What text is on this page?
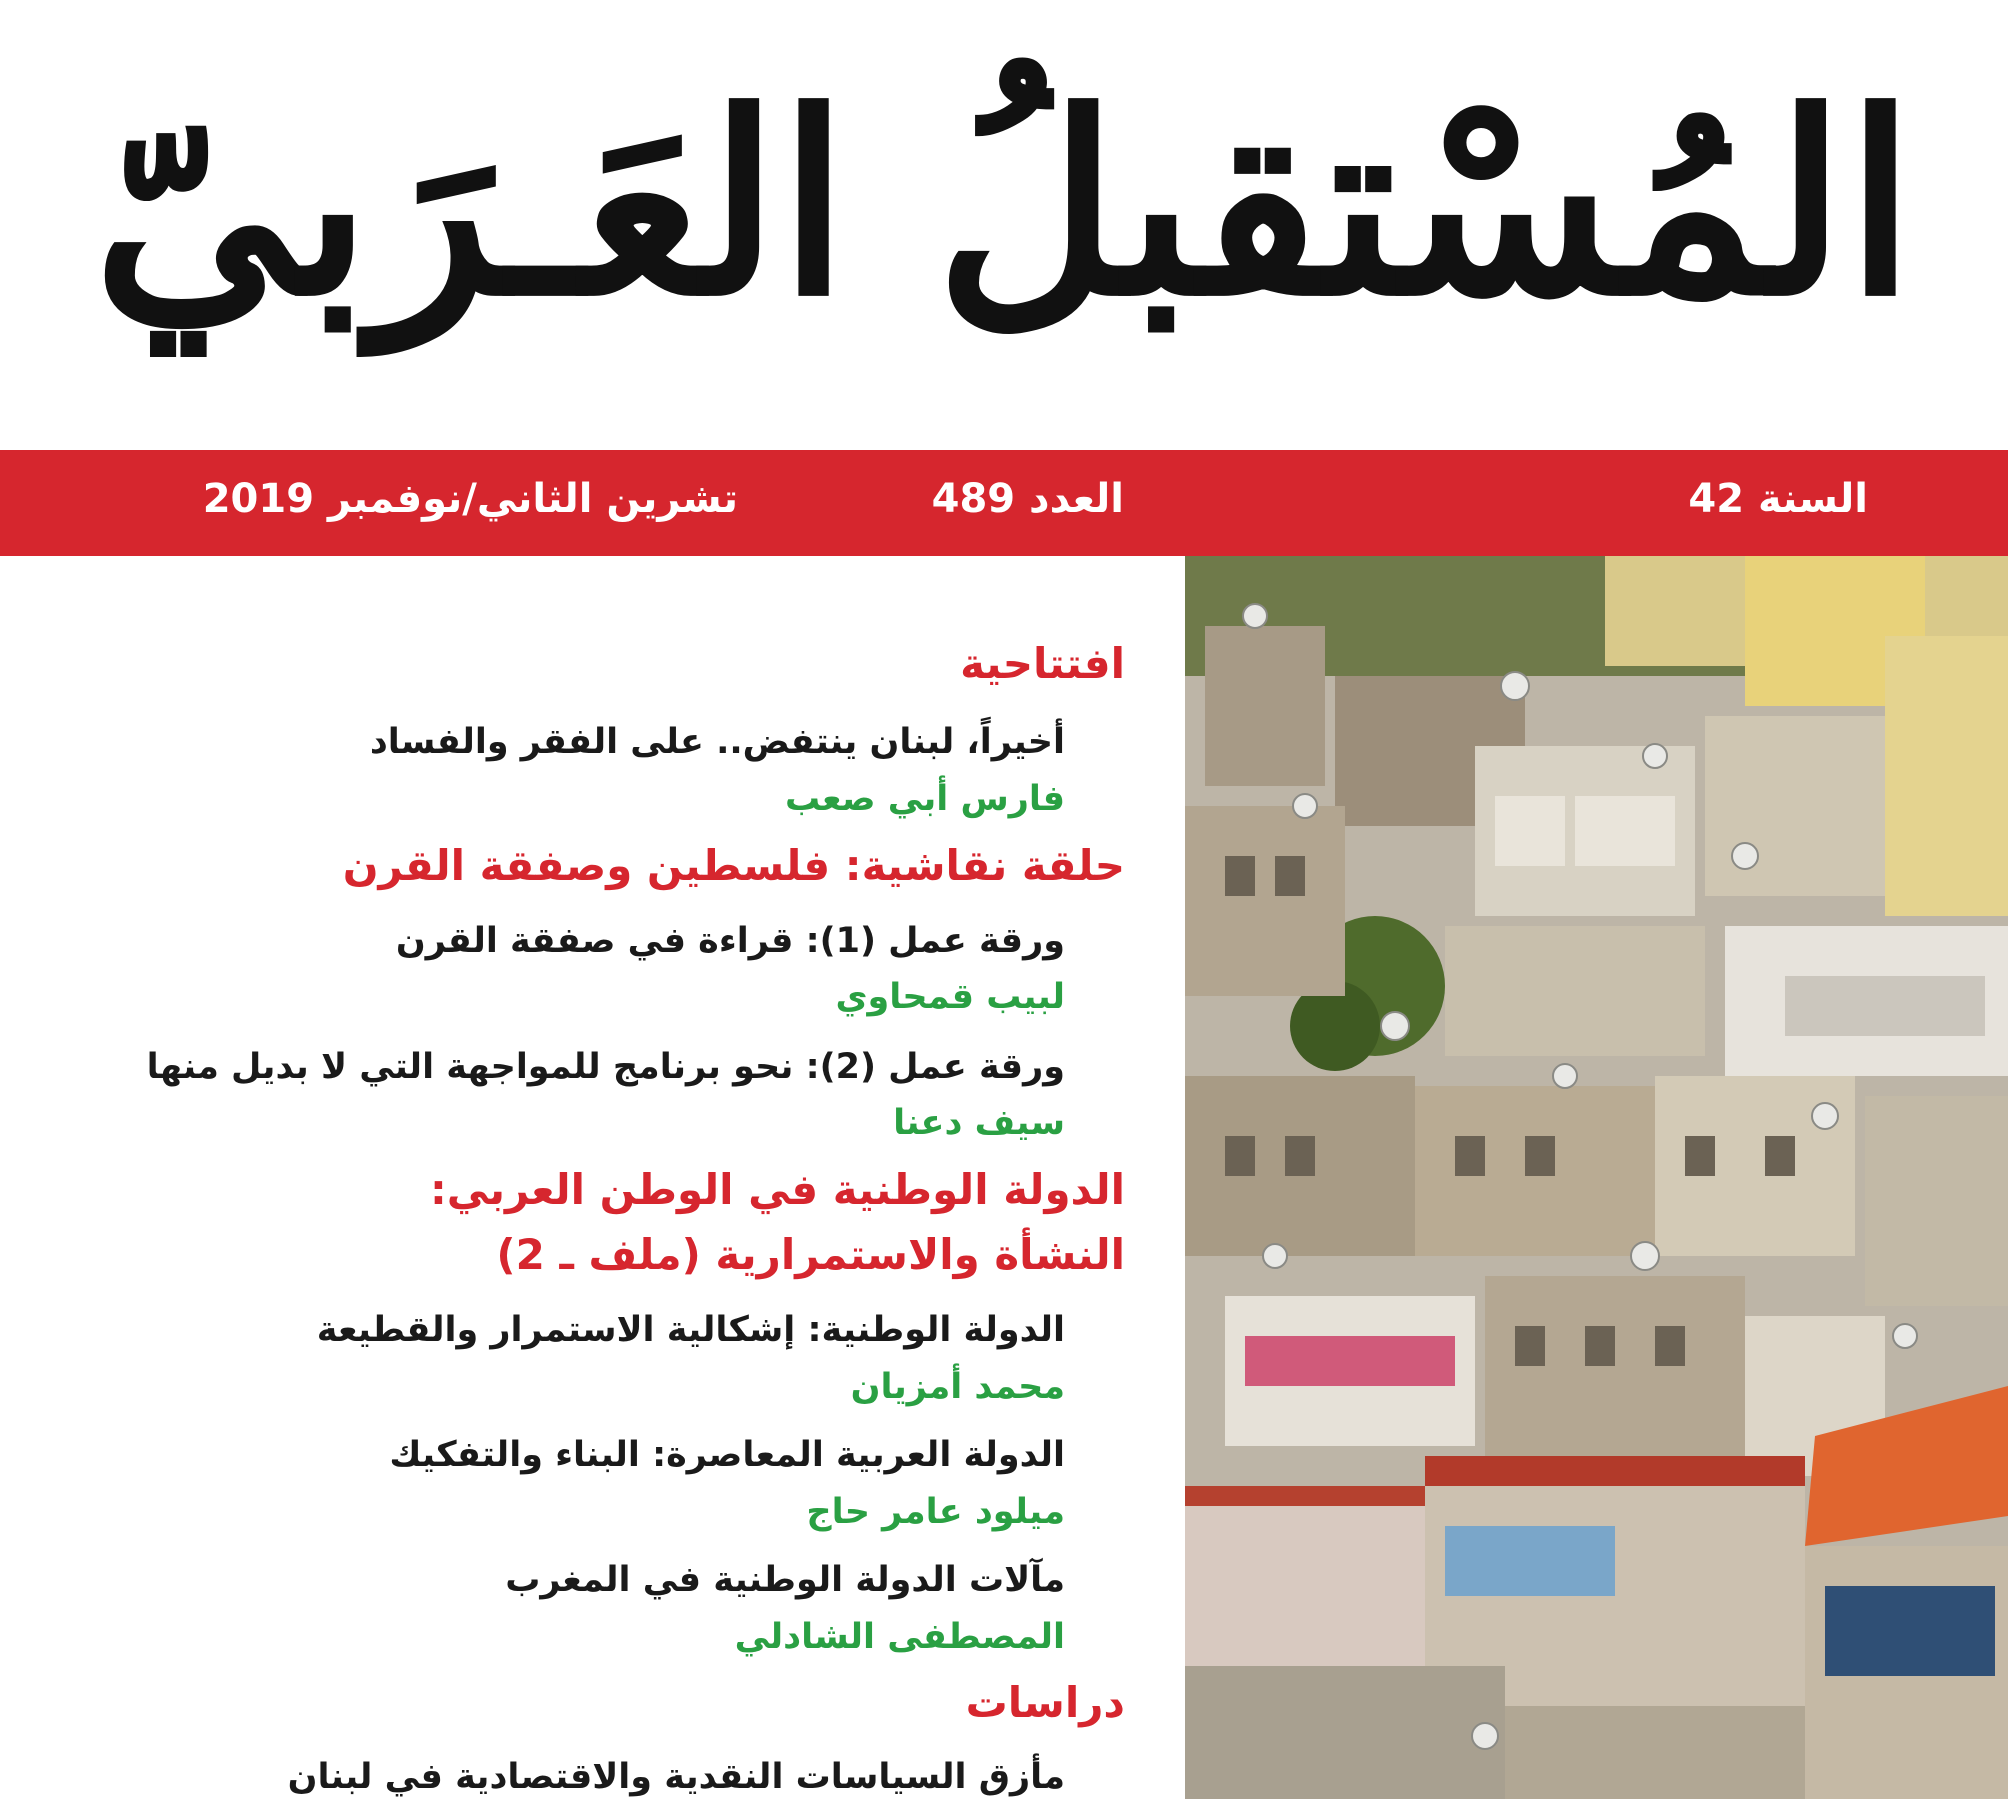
المُسْتقبلُ العَـرَبيّ
السنة 42
العدد 489
تشرين الثاني/نوفمبر 2019
افتتاحية
أخيراً، لبنان ينتفض.. على الفقر والفساد
فارس أبي صعب
حلقة نقاشية: فلسطين وصفقة القرن
ورقة عمل (1): قراءة في صفقة القرن
لبيب قمحاوي
ورقة عمل (2): نحو برنامج للمواجهة التي لا بديل منها
سيف دعنا
الدولة الوطنية في الوطن العربي:
النشأة والاستمرارية (ملف ـ 2)
الدولة الوطنية: إشكالية الاستمرار والقطيعة
محمد أمزيان
الدولة العربية المعاصرة: البناء والتفكيك
ميلود عامر حاج
مآلات الدولة الوطنية في المغرب
المصطفى الشادلي
دراسات
مأزق السياسات النقدية والاقتصادية في لبنان
